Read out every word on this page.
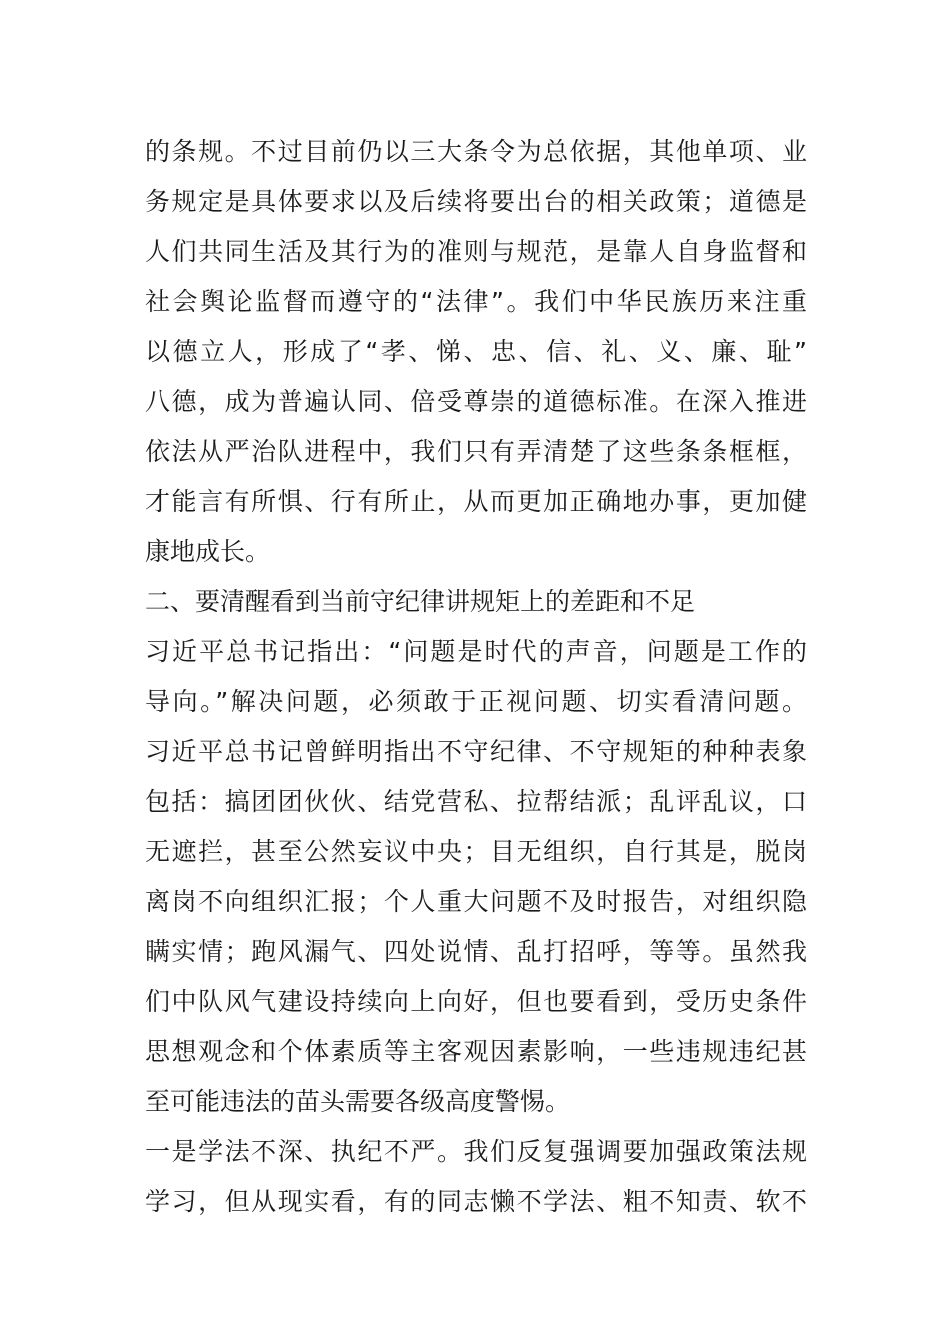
的条规。不过目前仍以三大条令为总依据，其他单项、业
务规定是具体要求以及后续将要出台的相关政策；道德是
人们共同生活及其行为的准则与规范，是靠人自身监督和
社会舆论监督而遵守的“法律”。我们中华民族历来注重
以德立人，形成了“孝、悌、忠、信、礼、义、廉、耻”
八德，成为普遍认同、倍受尊崇的道德标准。在深入推进
依法从严治队进程中，我们只有弄清楚了这些条条框框，
才能言有所惧、行有所止，从而更加正确地办事，更加健
康地成长。
二、要清醒看到当前守纪律讲规矩上的差距和不足
习近平总书记指出：“问题是时代的声音，问题是工作的
导向。”解决问题，必须敢于正视问题、切实看清问题。
习近平总书记曾鲜明指出不守纪律、不守规矩的种种表象
包括：搞团团伙伙、结党营私、拉帮结派；乱评乱议，口
无遮拦，甚至公然妄议中央；目无组织，自行其是，脱岗
离岗不向组织汇报；个人重大问题不及时报告，对组织隐
瞒实情；跑风漏气、四处说情、乱打招呼，等等。虽然我
们中队风气建设持续向上向好，但也要看到，受历史条件
思想观念和个体素质等主客观因素影响，一些违规违纪甚
至可能违法的苗头需要各级高度警惕。
一是学法不深、执纪不严。我们反复强调要加强政策法规
学习，但从现实看，有的同志懒不学法、粗不知责、软不
